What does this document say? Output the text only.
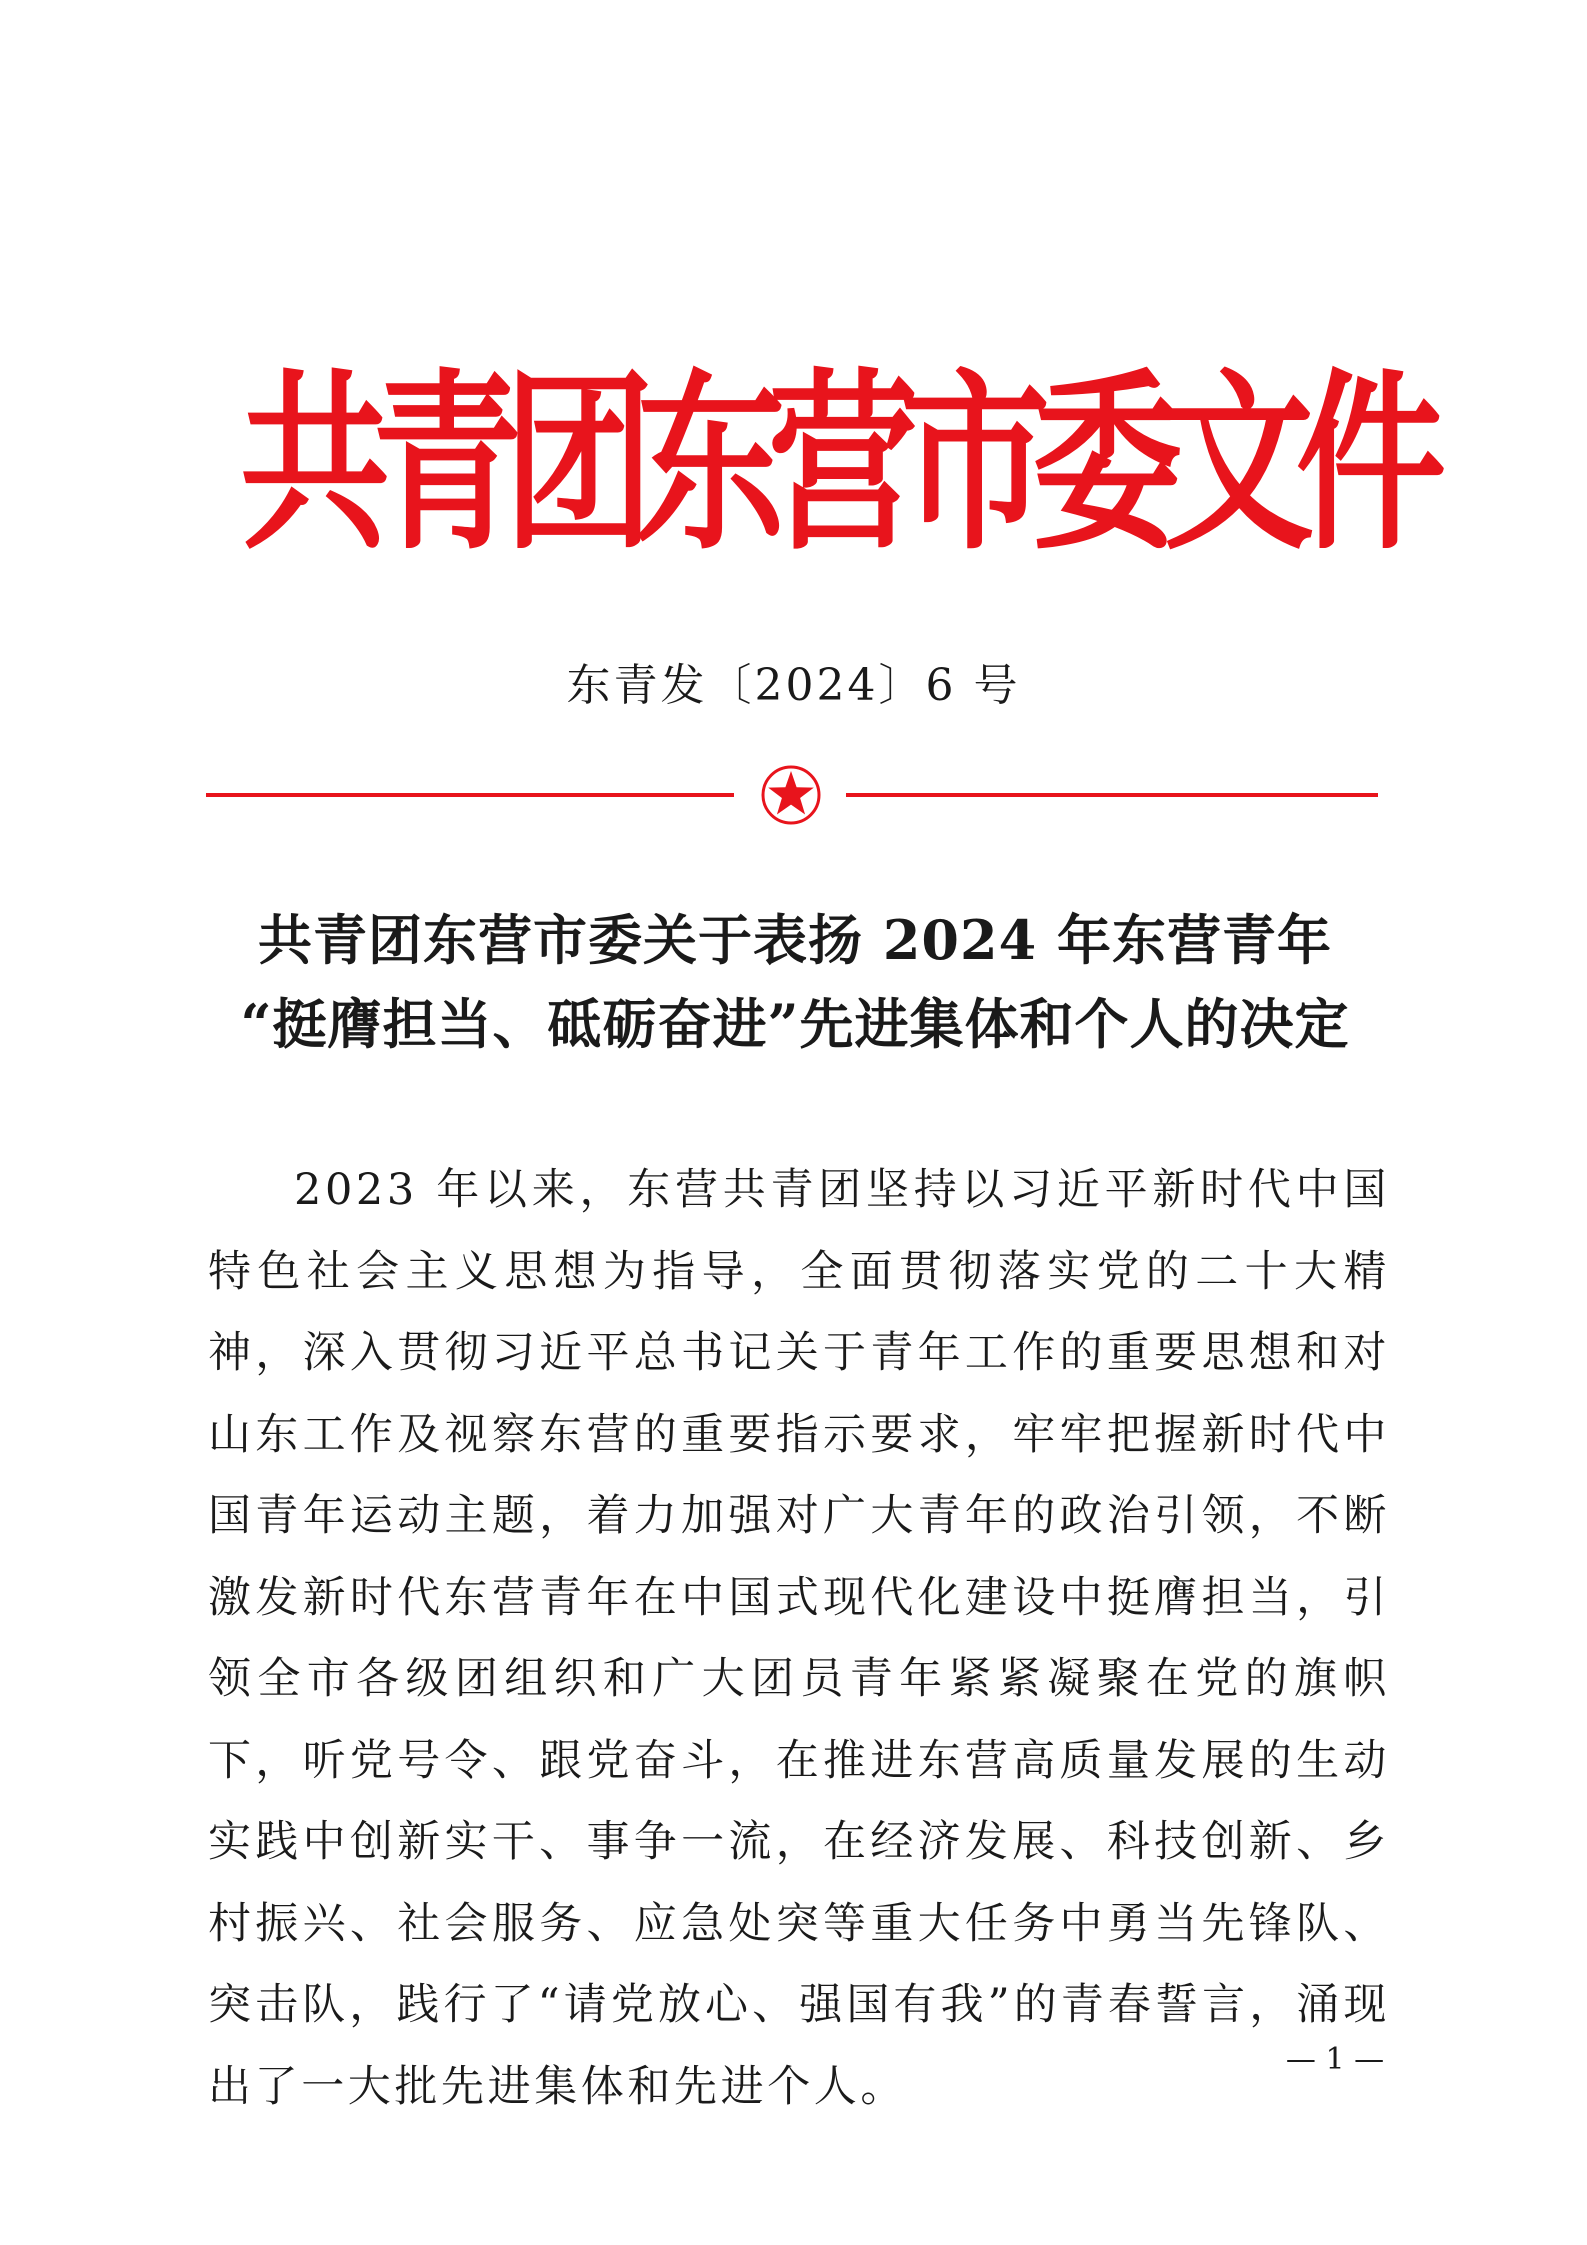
共青团东营市委文件
东青发〔2024〕6 号
共青团东营市委关于表扬 2024 年东营青年
“挺膺担当、砥砺奋进”先进集体和个人的决定

2023 年以来，东营共青团坚持以习近平新时代中国特色社会主义思想为指导，全面贯彻落实党的二十大精神，深入贯彻习近平总书记关于青年工作的重要思想和对山东工作及视察东营的重要指示要求，牢牢把握新时代中国青年运动主题，着力加强对广大青年的政治引领，不断激发新时代东营青年在中国式现代化建设中挺膺担当，引领全市各级团组织和广大团员青年紧紧凝聚在党的旗帜下，听党号令、跟党奋斗，在推进东营高质量发展的生动实践中创新实干、事争一流，在经济发展、科技创新、乡村振兴、社会服务、应急处突等重大任务中勇当先锋队、突击队，践行了“请党放心、强国有我”的青春誓言，涌现出了一大批先进集体和先进个人。

— 1 —
